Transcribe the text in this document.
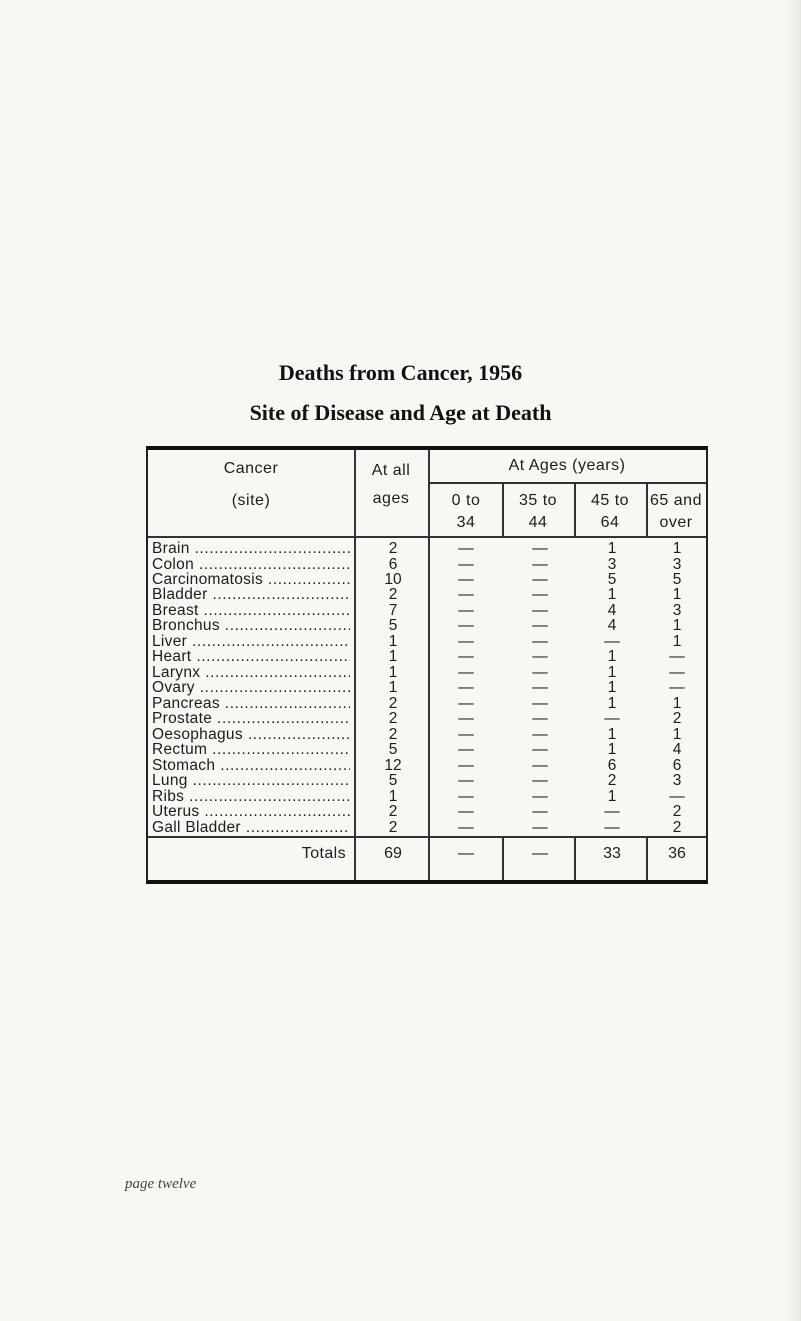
Deaths from Cancer, 1956
Site of Disease and Age at Death
Cancer
(site)
At all
ages
At Ages (years)
0 to
34
35 to
44
45 to
64
65 and
over
Brain .....	2	—	—	1	1
Colon .....	6	—	—	3	3
Carcinomatosis .....	10	—	—	5	5
Bladder .....	2	—	—	1	1
Breast .....	7	—	—	4	3
Bronchus .....	5	—	—	4	1
Liver .....	1	—	—	—	1
Heart .....	1	—	—	1	—
Larynx .....	1	—	—	1	—
Ovary .....	1	—	—	1	—
Pancreas .....	2	—	—	1	1
Prostate .....	2	—	—	—	2
Oesophagus .....	2	—	—	1	1
Rectum .....	5	—	—	1	4
Stomach .....	12	—	—	6	6
Lung .....	5	—	—	2	3
Ribs .....	1	—	—	1	—
Uterus .....	2	—	—	—	2
Gall Bladder .....	2	—	—	—	2
Totals	69	—	—	33	36
page twelve
